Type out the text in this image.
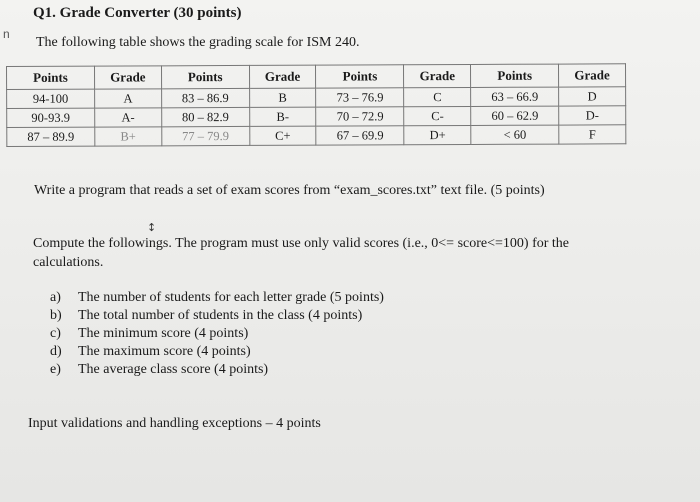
n
Q1. Grade Converter (30 points)
The following table shows the grading scale for ISM 240.
Points	Grade	Points	Grade	Points	Grade	Points	Grade
94-100	A	83 – 86.9	B	73 – 76.9	C	63 – 66.9	D
90-93.9	A-	80 – 82.9	B-	70 – 72.9	C-	60 – 62.9	D-
87 – 89.9	B+	77 – 79.9	C+	67 – 69.9	D+	< 60	F
Write a program that reads a set of exam scores from “exam_scores.txt” text file. (5 points)
↕
Compute the followings. The program must use only valid scores (i.e., 0<= score<=100) for the calculations.
a) The number of students for each letter grade (5 points)
b) The total number of students in the class (4 points)
c) The minimum score (4 points)
d) The maximum score (4 points)
e) The average class score (4 points)
Input validations and handling exceptions – 4 points
